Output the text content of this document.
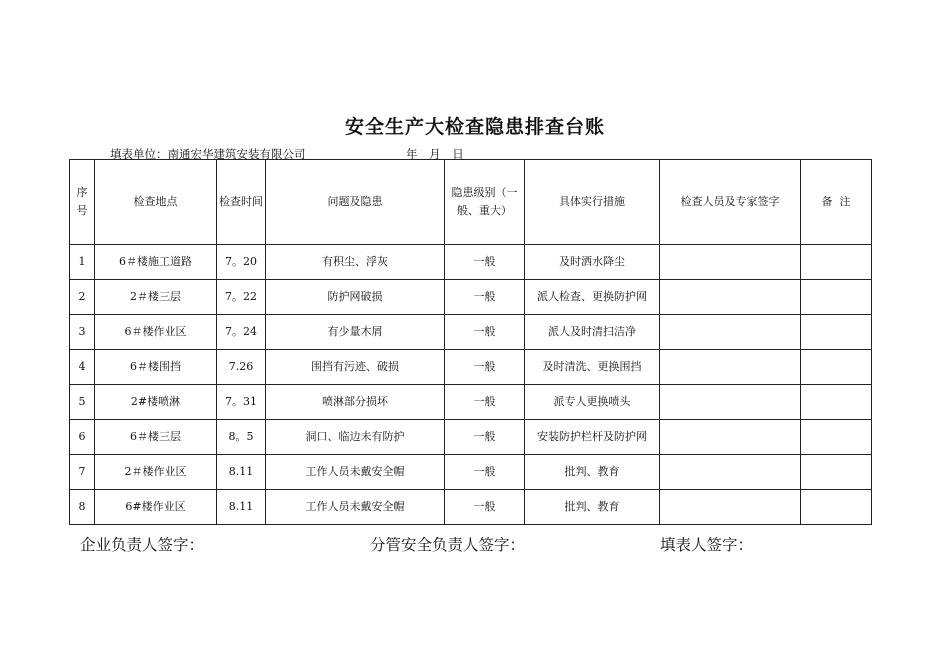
安全生产大检查隐患排查台账
填表单位：南通宏华建筑安装有限公司	年 月 日
序号	检查地点	检查时间	问题及隐患	隐患级别（一般、重大）	具体实行措施	检查人员及专家签字	备  注
1	6＃楼施工道路	7。20	有积尘、浮灰	一般	及时洒水降尘		
2	2＃楼三层	7。22	防护网破损	一般	派人检查、更换防护网		
3	6＃楼作业区	7。24	有少量木屑	一般	派人及时清扫洁净		
4	6＃楼围挡	7.26	围挡有污迹、破损	一般	及时清洗、更换围挡		
5	2#楼喷淋	7。31	喷淋部分损坏	一般	派专人更换喷头		
6	6＃楼三层	8。5	洞口、临边未有防护	一般	安装防护栏杆及防护网		
7	2＃楼作业区	8.11	工作人员未戴安全帽	一般	批判、教育		
8	6#楼作业区	8.11	工作人员未戴安全帽	一般	批判、教育		
企业负责人签字：	分管安全负责人签字：	填表人签字：
